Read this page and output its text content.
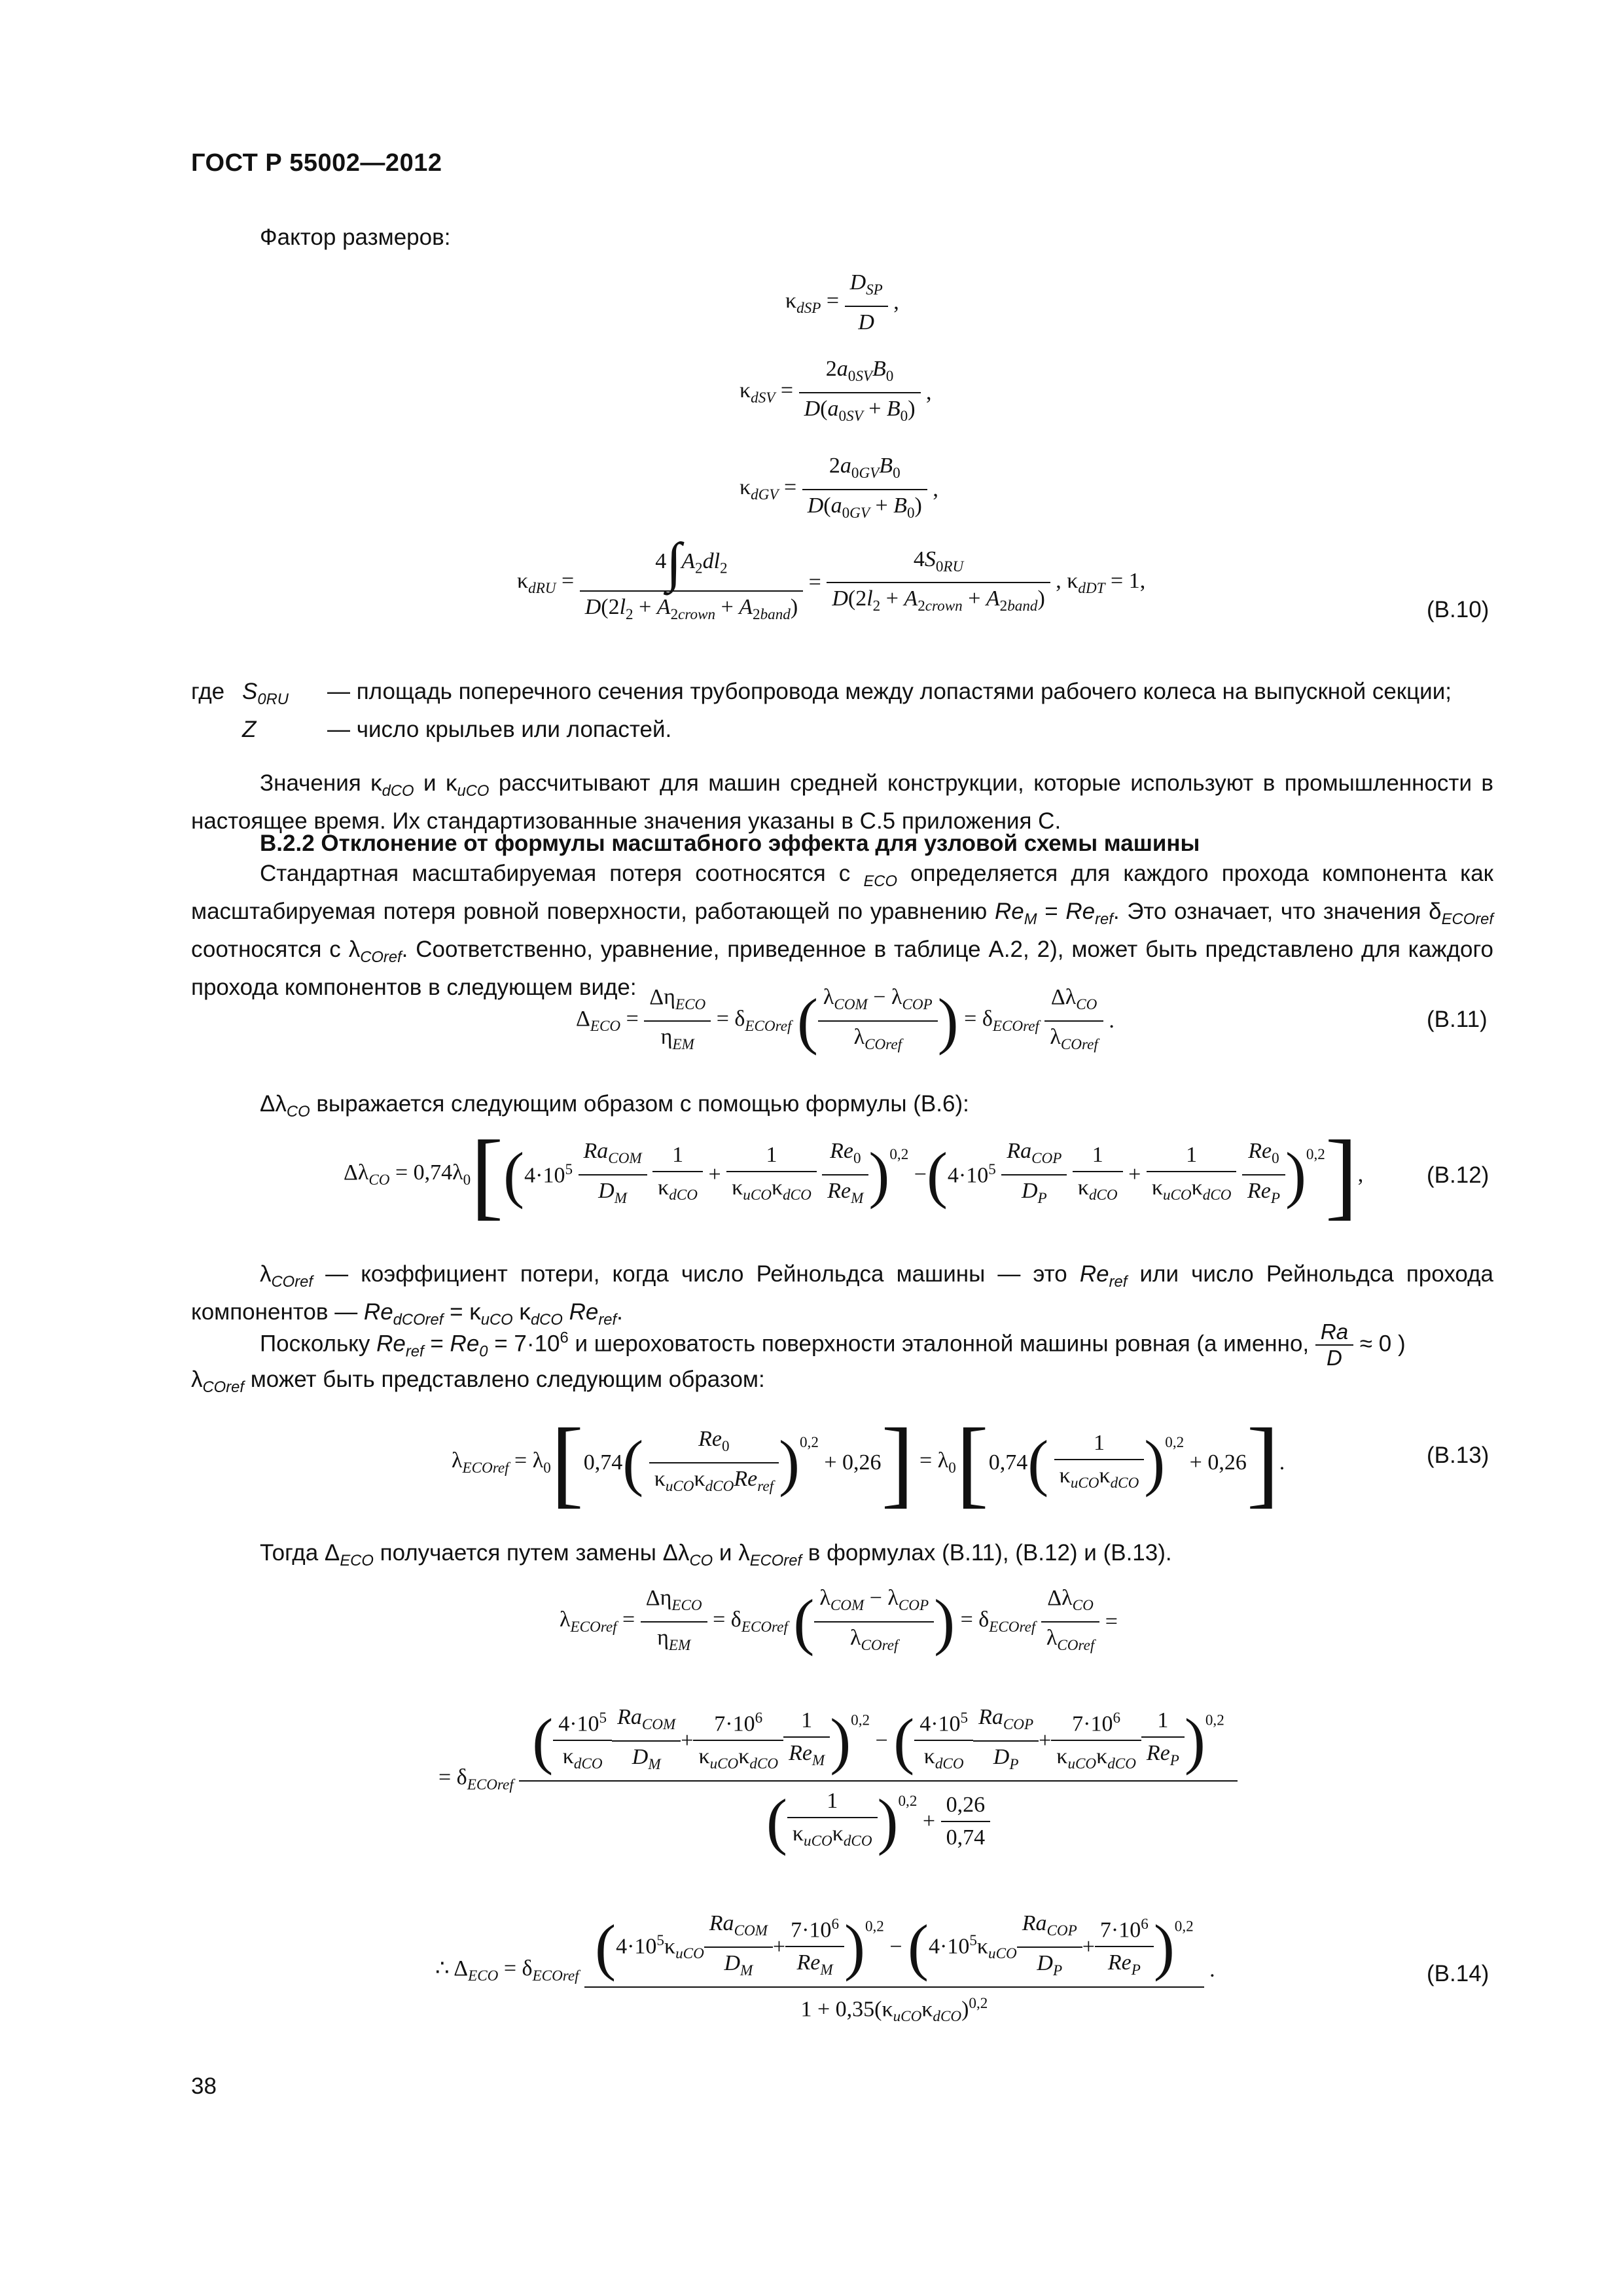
ГОСТ Р 55002—2012
Фактор размеров:
$\kappa_{dSP} = \frac{D_{SP}}{D}$ ,
$\kappa_{dSV} = \frac{2a_{0SV}B_0}{D(a_{0SV} + B_0)}$ ,
$\kappa_{dGV} = \frac{2a_{0GV}B_0}{D(a_{0GV} + B_0)}$ ,
$\kappa_{dRU} = \frac{4\int A_2dl_2}{D(2l_2 + A_{2crown} + A_{2band})} = \frac{4S_{0RU}}{D(2l_2 + A_{2crown} + A_{2band})}$ , $\kappa_{dDT} = 1$,
(В.10)
где	$S_{0RU}$	— площадь поперечного сечения трубопровода между лопастями рабочего колеса на выпускной секции;
	Z	— число крыльев или лопастей.
Значения $\kappa_{dCO}$ и $\kappa_{uCO}$ рассчитывают для машин средней конструкции, которые используют в промышленности в настоящее время. Их стандартизованные значения указаны в С.5 приложения С.
В.2.2 Отклонение от формулы масштабного эффекта для узловой схемы машины
Стандартная масштабируемая потеря соотносятся с $_{ECO}$ определяется для каждого прохода компонента как масштабируемая потеря ровной поверхности, работающей по уравнению $Re_M = Re_{ref}$. Это означает, что значения $\delta_{ECOref}$ соотносятся с $\lambda_{COref}$. Соответственно, уравнение, приведенное в таблице А.2, 2), может быть представлено для каждого прохода компонентов в следующем виде:
$\Delta_{ECO} = \frac{\Delta\eta_{ECO}}{\eta_{EM}} = \delta_{ECOref}$ ( $\frac{\lambda_{COM} - \lambda_{COP}}{\lambda_{COref}}$ ) = $\delta_{ECOref} \frac{\Delta\lambda_{CO}}{\lambda_{COref}}$ .	(В.11)
$\Delta\lambda_{CO}$ выражается следующим образом с помощью формулы (В.6):
$\Delta\lambda_{CO} = 0,74\lambda_0[(4\cdot 10^5 \frac{Ra_{COM}}{D_M}$
$\frac{1}{\kappa_{dCO}} + \frac{1}{\kappa_{uCO}\kappa_{dCO}}$
$\frac{Re_0}{Re_M} )^{0,2} -(4\cdot 10^5 \frac{Ra_{COP}}{D_P}$
$\frac{1}{\kappa_{dCO}} + \frac{1}{\kappa_{uCO}\kappa_{dCO}}$
$\frac{Re_0}{Re_P} )^{0,2}$],	(В.12)
$\lambda_{COref}$ — коэффициент потери, когда число Рейнольдса машины — это $Re_{ref}$ или число Рейнольдса прохода компонентов — $Re_{dCOref} = \kappa_{uCO}$ $\kappa_{dCO}$ $Re_{ref}$.
Поскольку $Re_{ref} = Re_0 = 7\cdot 10^6$ и шероховатость поверхности эталонной машины ровная (а именно, $\frac{Ra}{D} \approx 0$ )
$\lambda_{COref}$ может быть представлено следующим образом:
$\lambda_{ECOref} = \lambda_0[0,74( \frac{Re_0}{\kappa_{uCO}\kappa_{dCO}Re_{ref}} )^{0,2} + 0,26] = \lambda_0[0,74( \frac{1}{\kappa_{uCO}\kappa_{dCO}} )^{0,2} + 0,26]$.	(В.13)
Тогда $\Delta_{ECO}$ получается путем замены $\Delta\lambda_{CO}$ и $\lambda_{ECOref}$ в формулах (В.11), (В.12) и (В.13).
$\lambda_{ECOref} = \frac{\Delta\eta_{ECO}}{\eta_{EM}} = \delta_{ECOref}$ ( $\frac{\lambda_{COM} - \lambda_{COP}}{\lambda_{COref}}$ ) = $\delta_{ECOref} \frac{\Delta\lambda_{CO}}{\lambda_{COref}}$ =
= $\delta_{ECOref}$
( $\frac{4\cdot 10^5}{\kappa_{dCO}} \frac{Ra_{COM}}{D_M} + \frac{7\cdot 10^6}{\kappa_{uCO}\kappa_{dCO}} \frac{1}{Re_M} )^{0,2}$ − ( $\frac{4\cdot 10^5}{\kappa_{dCO}} \frac{Ra_{COP}}{D_P} + \frac{7\cdot 10^6}{\kappa_{uCO}\kappa_{dCO}} \frac{1}{Re_P} )^{0,2}$
( $\frac{1}{\kappa_{uCO}\kappa_{dCO}} )^{0,2} + \frac{0,26}{0,74}$
∴ $\Delta_{ECO} = \delta_{ECOref}$ $(4\cdot 10^5\kappa_{uCO} \frac{Ra_{COM}}{D_M} + \frac{7\cdot 10^6}{Re_M} )^{0,2} - (4\cdot 10^5\kappa_{uCO} \frac{Ra_{COP}}{D_P} + \frac{7\cdot 10^6}{Re_P} )^{0,2}$
$1 + 0,35(\kappa_{uCO}\kappa_{dCO})^{0,2}$
.	(В.14)
38
